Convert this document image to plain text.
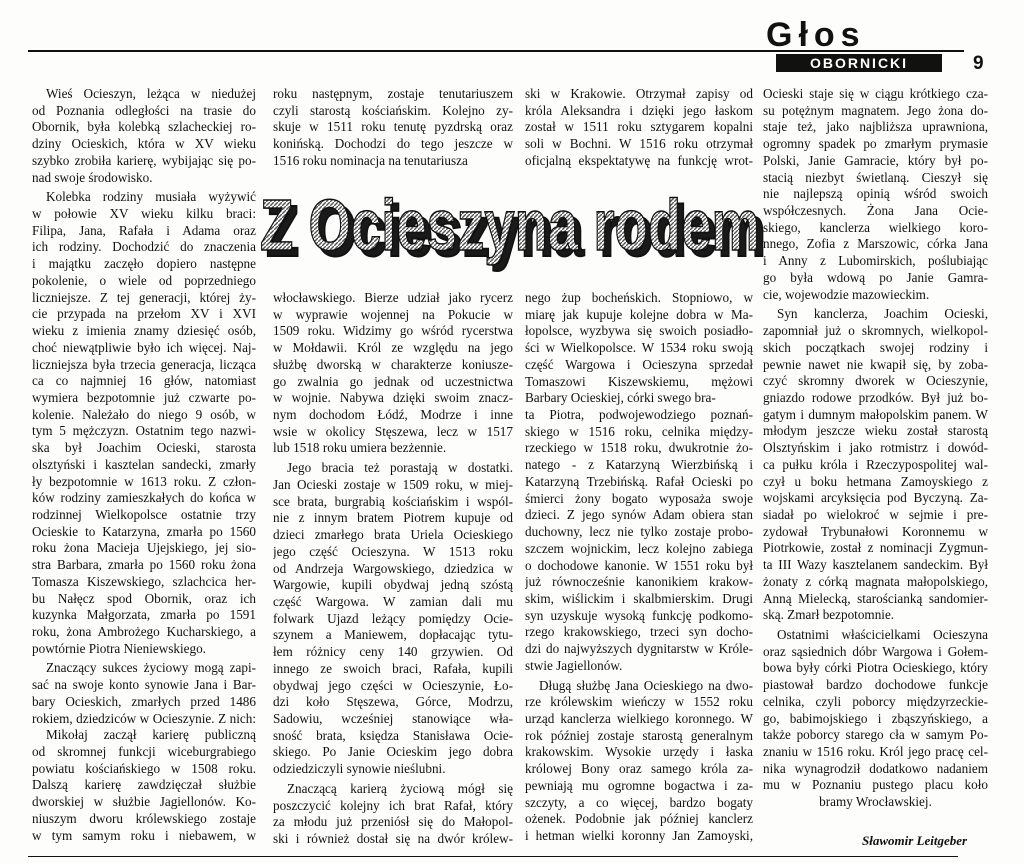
Głos
OBORNICKI	9
Wieś Ocieszyn, leżąca w niedużej
od Poznania odległości na trasie do
Obornik, była kolebką szlacheckiej ro-
dziny Ocieskich, która w XV wieku
szybko zrobiła karierę, wybijając się po-
nad swoje środowisko.
Kolebka rodziny musiała wyżywić
w połowie XV wieku kilku braci:
Filipa, Jana, Rafała i Adama oraz
ich rodziny. Dochodzić do znaczenia
i majątku zaczęło dopiero następne
pokolenie, o wiele od poprzedniego
liczniejsze. Z tej generacji, której ży-
cie przypada na przełom XV i XVI
wieku z imienia znamy dziesięć osób,
choć niewątpliwie było ich więcej. Naj-
liczniejsza była trzecia generacja, licząca
ca co najmniej 16 głów, natomiast
wymiera bezpotomnie już czwarte po-
kolenie. Należało do niego 9 osób, w
tym 5 mężczyzn. Ostatnim tego nazwi-
ska był Joachim Ocieski, starosta
olsztyński i kasztelan sandecki, zmarły
ły bezpotomnie w 1613 roku. Z człon-
ków rodziny zamieszkałych do końca w
rodzinnej Wielkopolsce ostatnie trzy
Ocieskie to Katarzyna, zmarła po 1560
roku żona Macieja Ujejskiego, jej sio-
stra Barbara, zmarła po 1560 roku żona
Tomasza Kiszewskiego, szlachcica her-
bu Nałęcz spod Obornik, oraz ich
kuzynka Małgorzata, zmarła po 1591
roku, żona Ambrożego Kucharskiego, a
powtórnie Piotra Nieniewskiego.
Znaczący sukces życiowy mogą zapi-
sać na swoje konto synowie Jana i Bar-
bary Ocieskich, zmarłych przed 1486
rokiem, dziedziców w Ocieszynie. Z nich:
Mikołaj zaczął karierę publiczną
od skromnej funkcji wiceburgrabiego
powiatu kościańskiego w 1508 roku.
Dalszą karierę zawdzięczał służbie
dworskiej w służbie Jagiellonów. Ko-
niuszym dworu królewskiego zostaje
w tym samym roku i niebawem, w
roku następnym, zostaje tenutariuszem
czyli starostą kościańskim. Kolejno zy-
skuje w 1511 roku tenutę pyzdrską oraz
konińską. Dochodzi do tego jeszcze w
1516 roku nominacja na tenutariusza
włocławskiego. Bierze udział jako rycerz
w wyprawie wojennej na Pokucie w
1509 roku. Widzimy go wśród rycerstwa
w Mołdawii. Król ze względu na jego
służbę dworską w charakterze koniusze-
go zwalnia go jednak od uczestnictwa
w wojnie. Nabywa dzięki swoim znacz-
nym dochodom Łódź, Modrze i inne
wsie w okolicy Stęszewa, lecz w 1517
lub 1518 roku umiera bezżennie.
Jego bracia też porastają w dostatki.
Jan Ocieski zostaje w 1509 roku, w miej-
sce brata, burgrabią kościańskim i wspól-
nie z innym bratem Piotrem kupuje od
dzieci zmarłego brata Uriela Ocieskiego
jego część Ocieszyna. W 1513 roku
od Andrzeja Wargowskiego, dziedzica w
Wargowie, kupili obydwaj jedną szóstą
część Wargowa. W zamian dali mu
folwark Ujazd leżący pomiędzy Ocie-
szynem a Maniewem, dopłacając tytu-
łem różnicy ceny 140 grzywien. Od
innego ze swoich braci, Rafała, kupili
obydwaj jego części w Ocieszynie, Ło-
dzi koło Stęszewa, Górce, Modrzu,
Sadowiu, wcześniej stanowiące wła-
sność brata, księdza Stanisława Ocie-
skiego. Po Janie Ocieskim jego dobra
odziedziczyli synowie nieślubni.
Znaczącą karierą życiową mógł się
poszczycić kolejny ich brat Rafał, który
za młodu już przeniósł się do Małopol-
ski i również dostał się na dwór królew-
ski w Krakowie. Otrzymał zapisy od
króla Aleksandra i dzięki jego łaskom
został w 1511 roku sztygarem kopalni
soli w Bochni. W 1516 roku otrzymał
oficjalną ekspektatywę na funkcję wrot-
nego żup bocheńskich. Stopniowo, w
miarę jak kupuje kolejne dobra w Ma-
łopolsce, wyzbywa się swoich posiadło-
ści w Wielkopolsce. W 1534 roku swoją
część Wargowa i Ocieszyna sprzedał
Tomaszowi Kiszewskiemu, mężowi
Barbary Ocieskiej, córki swego bra-
ta Piotra, podwojewodziego poznań-
skiego w 1516 roku, celnika między-
rzeckiego w 1518 roku, dwukrotnie żo-
natego - z Katarzyną Wierzbińską i
Katarzyną Trzebińską. Rafał Ocieski po
śmierci żony bogato wyposaża swoje
dzieci. Z jego synów Adam obiera stan
duchowny, lecz nie tylko zostaje probo-
szczem wojnickim, lecz kolejno zabiega
o dochodowe kanonie. W 1551 roku był
już równocześnie kanonikiem krakow-
skim, wiślickim i skalbmierskim. Drugi
syn uzyskuje wysoką funkcję podkomo-
rzego krakowskiego, trzeci syn docho-
dzi do najwyższych dygnitarstw w Króle-
stwie Jagiellonów.
Długą służbę Jana Ocieskiego na dwo-
rze królewskim wieńczy w 1552 roku
urząd kanclerza wielkiego koronnego. W
rok później zostaje starostą generalnym
krakowskim. Wysokie urzędy i łaska
królowej Bony oraz samego króla za-
pewniają mu ogromne bogactwa i za-
szczyty, a co więcej, bardzo bogaty
ożenek. Podobnie jak później kanclerz
i hetman wielki koronny Jan Zamoyski,
Ocieski staje się w ciągu krótkiego cza-
su potężnym magnatem. Jego żona do-
staje też, jako najbliższa uprawniona,
ogromny spadek po zmarłym prymasie
Polski, Janie Gamracie, który był po-
stacią niezbyt świetlaną. Cieszył się
nie najlepszą opinią wśród swoich
współczesnych. Żona Jana Ocie-
skiego, kanclerza wielkiego koro-
nnego, Zofia z Marszowic, córka Jana
i Anny z Lubomirskich, poślubiając
go była wdową po Janie Gamra-
cie, wojewodzie mazowieckim.
Syn kanclerza, Joachim Ocieski,
zapomniał już o skromnych, wielkopol-
skich początkach swojej rodziny i
pewnie nawet nie kwapił się, by zoba-
czyć skromny dworek w Ocieszynie,
gniazdo rodowe przodków. Był już bo-
gatym i dumnym małopolskim panem. W
młodym jeszcze wieku został starostą
Olsztyńskim i jako rotmistrz i dowód-
ca pułku króla i Rzeczypospolitej wal-
czył u boku hetmana Zamoyskiego z
wojskami arcyksięcia pod Byczyną. Za-
siadał po wielokroć w sejmie i pre-
zydował Trybunałowi Koronnemu w
Piotrkowie, został z nominacji Zygmun-
ta III Wazy kasztelanem sandeckim. Był
żonaty z córką magnata małopolskiego,
Anną Mielecką, starościanką sandomier-
ską. Zmarł bezpotomnie.
Ostatnimi właścicielkami Ocieszyna
oraz sąsiednich dóbr Wargowa i Gołem-
bowa były córki Piotra Ocieskiego, który
piastował bardzo dochodowe funkcje
celnika, czyli poborcy międzyrzeckie-
go, babimojskiego i zbąszyńskiego, a
także poborcy starego cła w samym Po-
znaniu w 1516 roku. Król jego pracę cel-
nika wynagrodził dodatkowo nadaniem
mu w Poznaniu pustego placu koło
bramy Wrocławskiej.
Z Ocieszyna rodem
Z Ocieszyna rodem
Sławomir Leitgeber
